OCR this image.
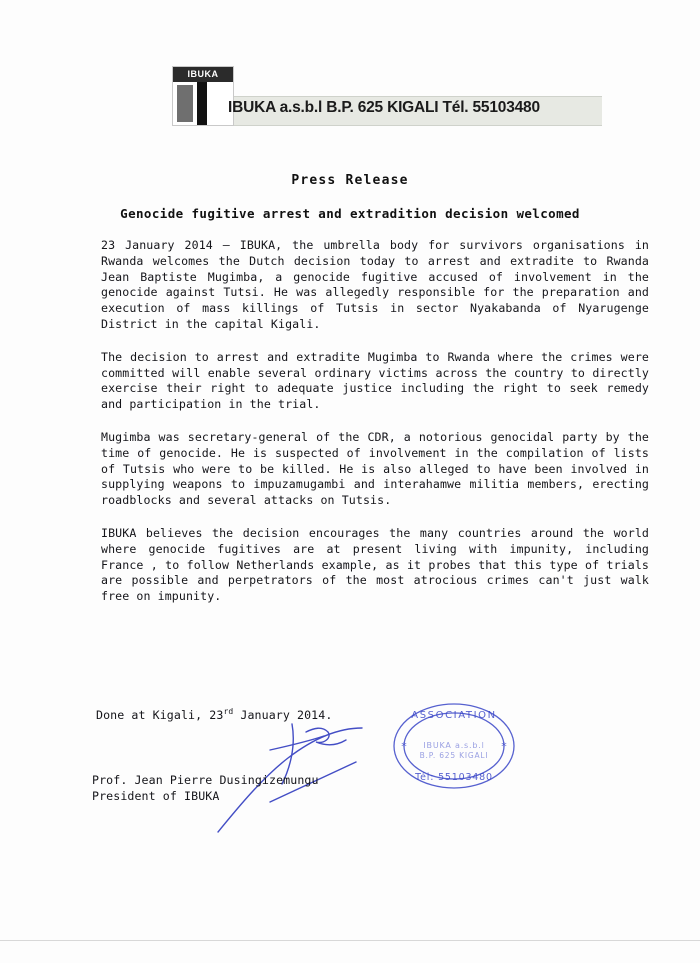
IBUKA
IBUKA a.s.b.l B.P. 625 KIGALI Tél. 55103480
Press Release
Genocide fugitive arrest and extradition decision welcomed

23 January 2014 – IBUKA, the umbrella body for survivors organisations in Rwanda welcomes the Dutch decision today to arrest and extradite to Rwanda Jean Baptiste Mugimba, a genocide fugitive accused of involvement in the genocide against Tutsi. He was allegedly responsible for the preparation and execution of mass killings of Tutsis in sector Nyakabanda of Nyarugenge District in the capital Kigali.

The decision to arrest and extradite Mugimba to Rwanda where the crimes were committed will enable several ordinary victims across the country to directly exercise their right to adequate justice including the right to seek remedy and participation in the trial.

Mugimba was secretary-general of the CDR, a notorious genocidal party by the time of genocide. He is suspected of involvement in the compilation of lists of Tutsis who were to be killed. He is also alleged to have been involved in supplying weapons to impuzamugambi and interahamwe militia members, erecting roadblocks and several attacks on Tutsis.

IBUKA believes the decision encourages the many countries around the world where genocide fugitives are at present living with impunity, including France , to follow Netherlands example, as it probes that this type of trials are possible and perpetrators of the most atrocious crimes can't just walk free on impunity.

Done at Kigali, 23rd January 2014.	ASSOCIATION
IBUKA a.s.b.l
B.P. 625 KIGALI
Tél: 55103480
*	*
Prof. Jean Pierre Dusingizemungu
President of IBUKA
